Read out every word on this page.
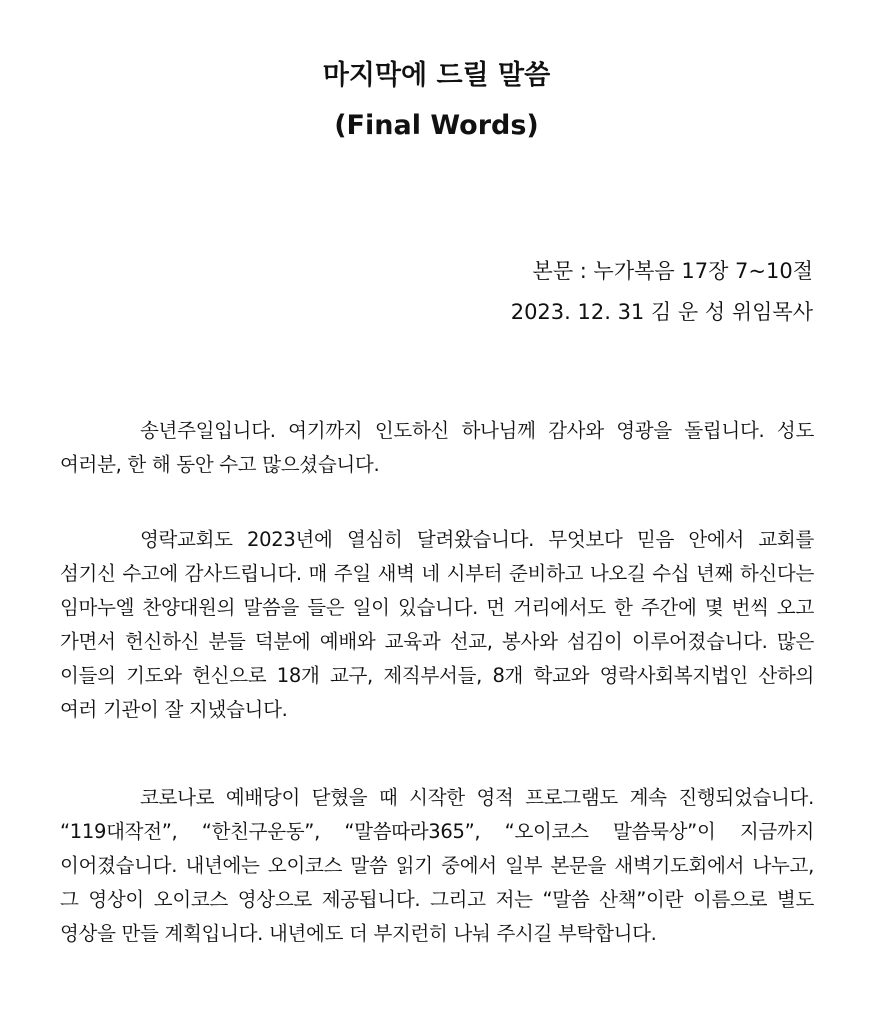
마지막에 드릴 말씀
(Final Words)
본문 : 누가복음 17장 7~10절
2023. 12. 31 김 운 성 위임목사

송년주일입니다. 여기까지 인도하신 하나님께 감사와 영광을 돌립니다. 성도 여러분, 한 해 동안 수고 많으셨습니다.

영락교회도 2023년에 열심히 달려왔습니다. 무엇보다 믿음 안에서 교회를 섬기신 수고에 감사드립니다. 매 주일 새벽 네 시부터 준비하고 나오길 수십 년째 하신다는 임마누엘 찬양대원의 말씀을 들은 일이 있습니다. 먼 거리에서도 한 주간에 몇 번씩 오고 가면서 헌신하신 분들 덕분에 예배와 교육과 선교, 봉사와 섬김이 이루어졌습니다. 많은 이들의 기도와 헌신으로 18개 교구, 제직부서들, 8개 학교와 영락사회복지법인 산하의 여러 기관이 잘 지냈습니다.

코로나로 예배당이 닫혔을 때 시작한 영적 프로그램도 계속 진행되었습니다. “119대작전”, “한친구운동”, “말씀따라365”, “오이코스 말씀묵상”이 지금까지 이어졌습니다. 내년에는 오이코스 말씀 읽기 중에서 일부 본문을 새벽기도회에서 나누고, 그 영상이 오이코스 영상으로 제공됩니다. 그리고 저는 “말씀 산책”이란 이름으로 별도 영상을 만들 계획입니다. 내년에도 더 부지런히 나눠 주시길 부탁합니다.
